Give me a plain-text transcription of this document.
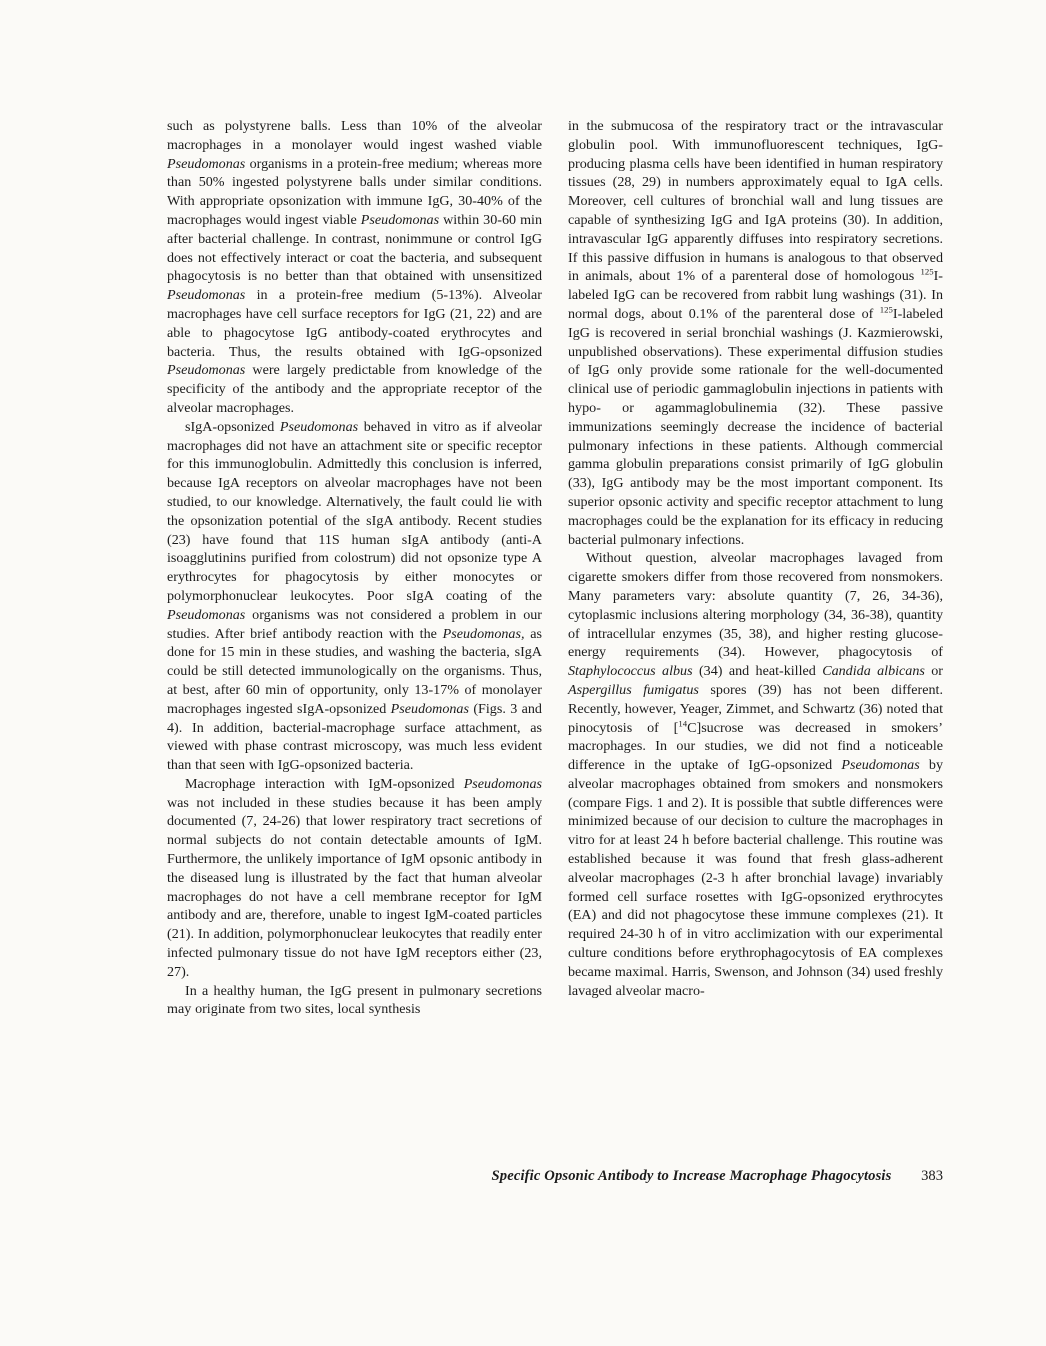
such as polystyrene balls. Less than 10% of the alveolar macrophages in a monolayer would ingest washed viable Pseudomonas organisms in a protein-free medium; whereas more than 50% ingested polystyrene balls under similar conditions. With appropriate opsonization with immune IgG, 30-40% of the macrophages would ingest viable Pseudomonas within 30-60 min after bacterial challenge. In contrast, nonimmune or control IgG does not effectively interact or coat the bacteria, and subsequent phagocytosis is no better than that obtained with unsensitized Pseudomonas in a protein-free medium (5-13%). Alveolar macrophages have cell surface receptors for IgG (21, 22) and are able to phagocytose IgG antibody-coated erythrocytes and bacteria. Thus, the results obtained with IgG-opsonized Pseudomonas were largely predictable from knowledge of the specificity of the antibody and the appropriate receptor of the alveolar macrophages.

sIgA-opsonized Pseudomonas behaved in vitro as if alveolar macrophages did not have an attachment site or specific receptor for this immunoglobulin. Admittedly this conclusion is inferred, because IgA receptors on alveolar macrophages have not been studied, to our knowledge. Alternatively, the fault could lie with the opsonization potential of the sIgA antibody. Recent studies (23) have found that 11S human sIgA antibody (anti-A isoagglutinins purified from colostrum) did not opsonize type A erythrocytes for phagocytosis by either monocytes or polymorphonuclear leukocytes. Poor sIgA coating of the Pseudomonas organisms was not considered a problem in our studies. After brief antibody reaction with the Pseudomonas, as done for 15 min in these studies, and washing the bacteria, sIgA could be still detected immunologically on the organisms. Thus, at best, after 60 min of opportunity, only 13-17% of monolayer macrophages ingested sIgA-opsonized Pseudomonas (Figs. 3 and 4). In addition, bacterial-macrophage surface attachment, as viewed with phase contrast microscopy, was much less evident than that seen with IgG-opsonized bacteria.

Macrophage interaction with IgM-opsonized Pseudomonas was not included in these studies because it has been amply documented (7, 24-26) that lower respiratory tract secretions of normal subjects do not contain detectable amounts of IgM. Furthermore, the unlikely importance of IgM opsonic antibody in the diseased lung is illustrated by the fact that human alveolar macrophages do not have a cell membrane receptor for IgM antibody and are, therefore, unable to ingest IgM-coated particles (21). In addition, polymorphonuclear leukocytes that readily enter infected pulmonary tissue do not have IgM receptors either (23, 27).

In a healthy human, the IgG present in pulmonary secretions may originate from two sites, local synthesis

in the submucosa of the respiratory tract or the intravascular globulin pool. With immunofluorescent techniques, IgG-producing plasma cells have been identified in human respiratory tissues (28, 29) in numbers approximately equal to IgA cells. Moreover, cell cultures of bronchial wall and lung tissues are capable of synthesizing IgG and IgA proteins (30). In addition, intravascular IgG apparently diffuses into respiratory secretions. If this passive diffusion in humans is analogous to that observed in animals, about 1% of a parenteral dose of homologous $^{125}$I-labeled IgG can be recovered from rabbit lung washings (31). In normal dogs, about 0.1% of the parenteral dose of $^{125}$I-labeled IgG is recovered in serial bronchial washings (J. Kazmierowski, unpublished observations). These experimental diffusion studies of IgG only provide some rationale for the well-documented clinical use of periodic gammaglobulin injections in patients with hypo- or agammaglobulinemia (32). These passive immunizations seemingly decrease the incidence of bacterial pulmonary infections in these patients. Although commercial gamma globulin preparations consist primarily of IgG globulin (33), IgG antibody may be the most important component. Its superior opsonic activity and specific receptor attachment to lung macrophages could be the explanation for its efficacy in reducing bacterial pulmonary infections.

Without question, alveolar macrophages lavaged from cigarette smokers differ from those recovered from nonsmokers. Many parameters vary: absolute quantity (7, 26, 34-36), cytoplasmic inclusions altering morphology (34, 36-38), quantity of intracellular enzymes (35, 38), and higher resting glucose-energy requirements (34). However, phagocytosis of Staphylococcus albus (34) and heat-killed Candida albicans or Aspergillus fumigatus spores (39) has not been different. Recently, however, Yeager, Zimmet, and Schwartz (36) noted that pinocytosis of [$^{14}$C]sucrose was decreased in smokers’ macrophages. In our studies, we did not find a noticeable difference in the uptake of IgG-opsonized Pseudomonas by alveolar macrophages obtained from smokers and nonsmokers (compare Figs. 1 and 2). It is possible that subtle differences were minimized because of our decision to culture the macrophages in vitro for at least 24 h before bacterial challenge. This routine was established because it was found that fresh glass-adherent alveolar macrophages (2-3 h after bronchial lavage) invariably formed cell surface rosettes with IgG-opsonized erythrocytes (EA) and did not phagocytose these immune complexes (21). It required 24-30 h of in vitro acclimization with our experimental culture conditions before erythrophagocytosis of EA complexes became maximal. Harris, Swenson, and Johnson (34) used freshly lavaged alveolar macro-

Specific Opsonic Antibody to Increase Macrophage Phagocytosis 383
